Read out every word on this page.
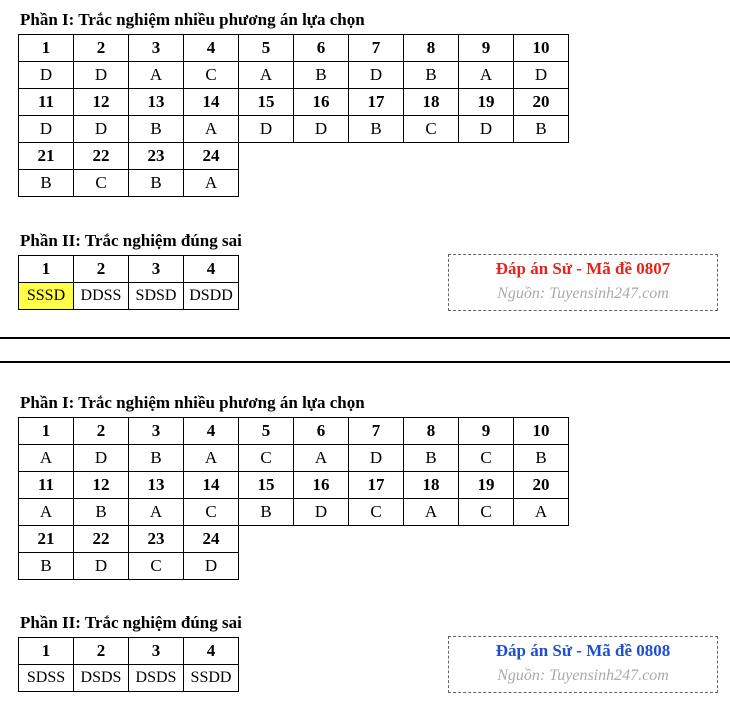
Phần I: Trắc nghiệm nhiều phương án lựa chọn
1	2	3	4	5	6	7	8	9	10
D	D	A	C	A	B	D	B	A	D
11	12	13	14	15	16	17	18	19	20
D	D	B	A	D	D	B	C	D	B
21	22	23	24						
B	C	B	A						
Phần II: Trắc nghiệm đúng sai
1	2	3	4
SSSD	DDSS	SDSD	DSDD
Đáp án Sử - Mã đề 0807
Nguồn: Tuyensinh247.com
Phần I: Trắc nghiệm nhiều phương án lựa chọn
1	2	3	4	5	6	7	8	9	10
A	D	B	A	C	A	D	B	C	B
11	12	13	14	15	16	17	18	19	20
A	B	A	C	B	D	C	A	C	A
21	22	23	24						
B	D	C	D						
Phần II: Trắc nghiệm đúng sai
1	2	3	4
SDSS	DSDS	DSDS	SSDD
Đáp án Sử - Mã đề 0808
Nguồn: Tuyensinh247.com
